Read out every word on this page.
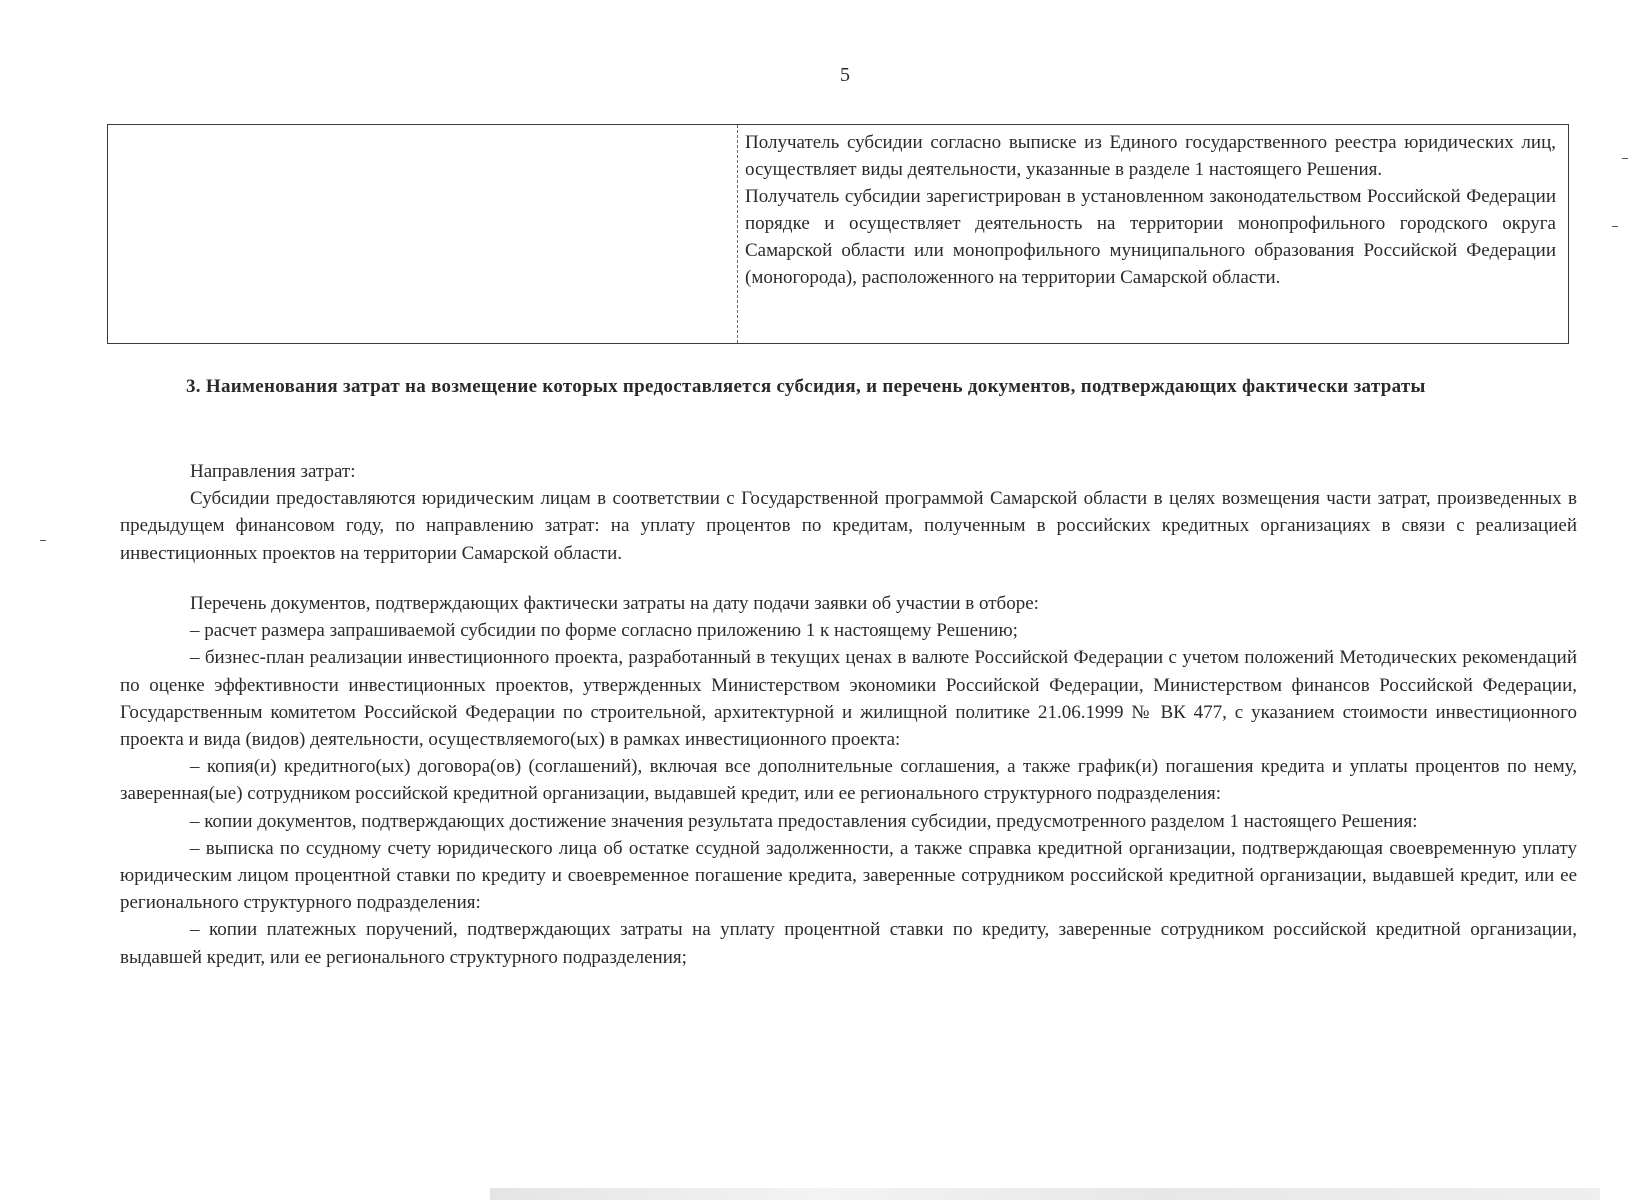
5

Получатель субсидии согласно выписке из Единого государственного реестра юридических лиц, осуществляет виды деятельности, указанные в разделе 1 настоящего Решения.

Получатель субсидии зарегистрирован в установленном законодательством Российской Федерации порядке и осуществляет деятельность на территории монопрофильного городского округа Самарской области или монопрофильного муниципального образования Российской Федерации (моногорода), расположенного на территории Самарской области.

3. Наименования затрат на возмещение которых предоставляется субсидия, и перечень документов, подтверждающих фактически затраты

Направления затрат:

Субсидии предоставляются юридическим лицам в соответствии с Государственной программой Самарской области в целях возмещения части затрат, произведенных в предыдущем финансовом году, по направлению затрат: на уплату процентов по кредитам, полученным в российских кредитных организациях в связи с реализацией инвестиционных проектов на территории Самарской области.

Перечень документов, подтверждающих фактически затраты на дату подачи заявки об участии в отборе:

– расчет размера запрашиваемой субсидии по форме согласно приложению 1 к настоящему Решению;

– бизнес-план реализации инвестиционного проекта, разработанный в текущих ценах в валюте Российской Федерации с учетом положений Методических рекомендаций по оценке эффективности инвестиционных проектов, утвержденных Министерством экономики Российской Федерации, Министерством финансов Российской Федерации, Государственным комитетом Российской Федерации по строительной, архитектурной и жилищной политике 21.06.1999 № ВК 477, с указанием стоимости инвестиционного проекта и вида (видов) деятельности, осуществляемого(ых) в рамках инвестиционного проекта:

– копия(и) кредитного(ых) договора(ов) (соглашений), включая все дополнительные соглашения, а также график(и) погашения кредита и уплаты процентов по нему, заверенная(ые) сотрудником российской кредитной организации, выдавшей кредит, или ее регионального структурного подразделения:

– копии документов, подтверждающих достижение значения результата предоставления субсидии, предусмотренного разделом 1 настоящего Решения:

– выписка по ссудному счету юридического лица об остатке ссудной задолженности, а также справка кредитной организации, подтверждающая своевременную уплату юридическим лицом процентной ставки по кредиту и своевременное погашение кредита, заверенные сотрудником российской кредитной организации, выдавшей кредит, или ее регионального структурного подразделения:

– копии платежных поручений, подтверждающих затраты на уплату процентной ставки по кредиту, заверенные сотрудником российской кредитной организации, выдавшей кредит, или ее регионального структурного подразделения;
